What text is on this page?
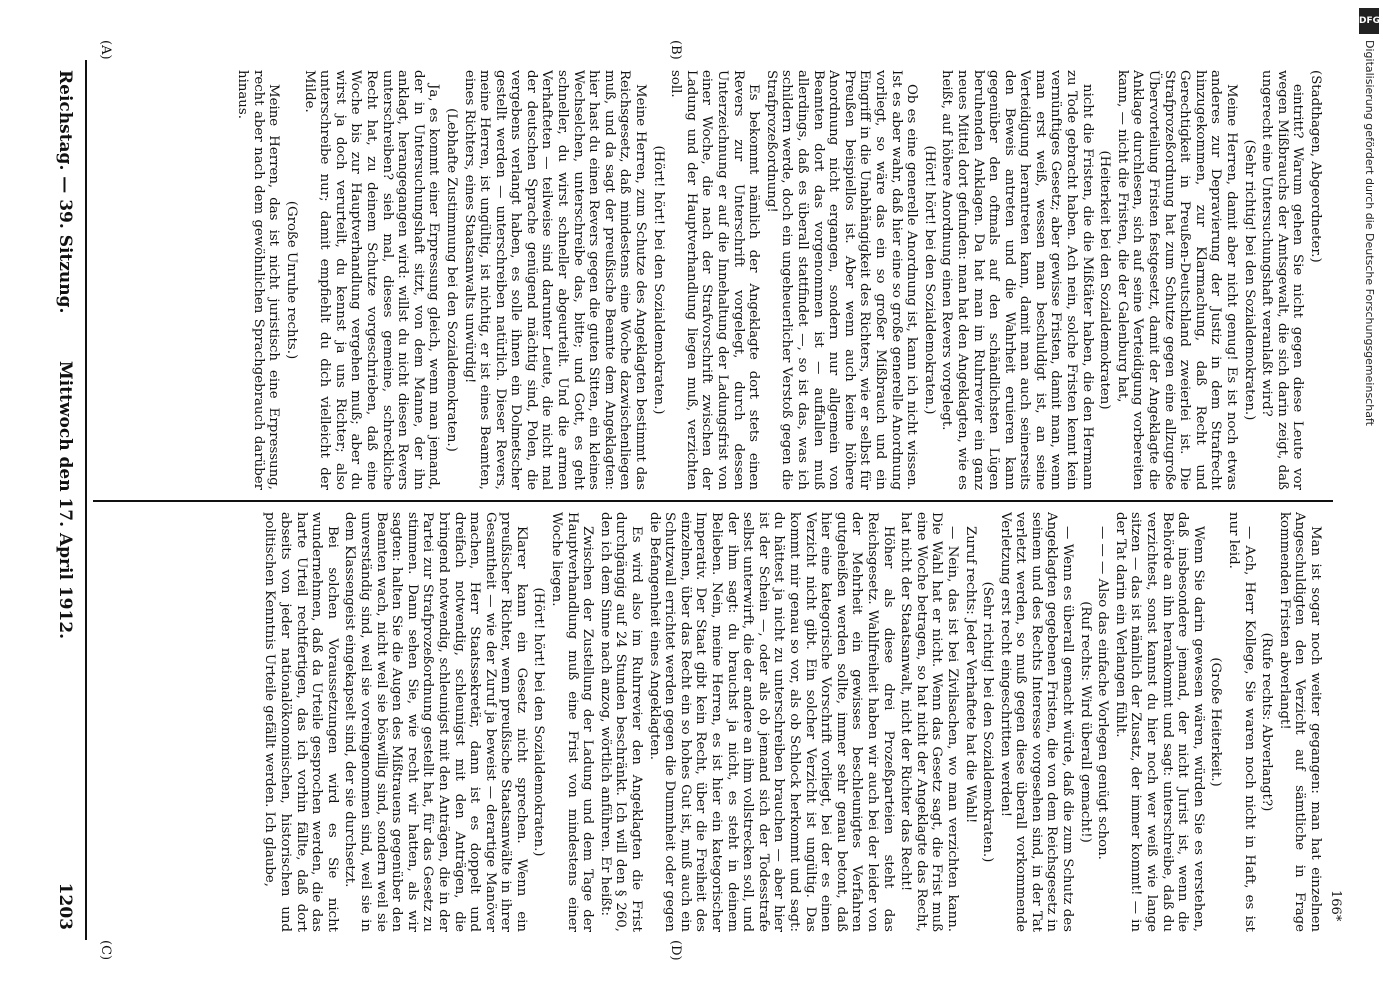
Reichstag. — 39. Sitzung.
Mittwoch den 17. April 1912.
1203

(Stadthagen, Abgeordneter.)

eintritt? Warum gehen Sie nicht gegen diese Leute vor wegen Mißbrauchs der Amtsgewalt, die sich darin zeigt, daß ungerecht eine Untersuchungshaft veranlaßt wird?

(Sehr richtig! bei den Sozialdemokraten.)

Meine Herren, damit aber nicht genug! Es ist noch etwas anderes zur Depravierung der Justiz in dem Strafrecht hinzugekommen, zur Klarmachung, daß Recht und Gerechtigkeit in Preußen-Deutschland zweierlei ist. Die Strafprozeßordnung hat zum Schutze gegen eine allzugroße Übervorteilung Fristen festgesetzt, damit der Angeklagte die Anklage durchlesen, sich auf seine Verteidigung vorbereiten kann, — nicht die Fristen, die der Galenburg hat,

(Heiterkeit bei den Sozialdemokraten)

nicht die Fristen, die die Mißtäter haben, die den Hermann zu Tode gebracht haben. Ach nein, solche Fristen kennt kein vernünftiges Gesetz; aber gewisse Fristen, damit man, wenn man erst weiß, wessen man beschuldigt ist, an seine Verteidigung herantreten kann, damit man auch seinerseits den Beweis antreten und die Wahrheit eruieren kann gegenüber den oftmals auf den schändlichsten Lügen beruhenden Anklagen. Da hat man im Ruhrrevier ein ganz neues Mittel dort gefunden: man hat den Angeklagten, wie es heißt, auf höhere Anordnung einen Revers vorgelegt.

(Hört! hört! bei den Sozialdemokraten.)

Ob es eine generelle Anordnung ist, kann ich nicht wissen. Ist es aber wahr, daß hier eine so große generelle Anordnung vorliegt, so wäre das ein so großer Mißbrauch und ein Eingriff in die Unabhängigkeit des Richters, wie er selbst für Preußen beispiellos ist. Aber wenn auch keine höhere Anordnung nicht ergangen, sondern nur allgemein von Beamten dort das vorgenommen ist — auffallen muß allerdings, daß es überall stattfindet —, so ist das, was ich schildern werde, doch ein ungeheuerlicher Verstoß gegen die Strafprozeßordnung!

Es bekommt nämlich der Angeklagte dort stets einen Revers zur Unterschrift vorgelegt, durch dessen Unterzeichnung er auf die Innehaltung der Ladungsfrist von einer Woche, die nach der Strafvorschrift zwischen der Ladung und der Hauptverhandlung liegen muß, verzichten soll.

(Hört! hört! bei den Sozialdemokraten.)

Meine Herren, zum Schutze des Angeklagten bestimmt das Reichsgesetz, daß mindestens eine Woche dazwischenliegen muß, und da sagt der preußische Beamte dem Angeklagten: hier hast du einen Revers gegen die guten Sitten, ein kleines Wechselchen, unterschreibe das, bitte; und Gott, es geht schneller, du wirst schneller abgeurteilt. Und die armen Verhafteten — teilweise sind darunter Leute, die nicht mal der deutschen Sprache genügend mächtig sind, Polen, die vergebens verlangt haben, es solle ihnen ein Dolmetscher gestellt werden — unterschreiben natürlich. Dieser Revers, meine Herren, ist ungültig, ist nichtig, er ist eines Beamten, eines Richters, eines Staatsanwalts unwürdig!

(Lebhafte Zustimmung bei den Sozialdemokraten.)

Ja, es kommt einer Erpressung gleich, wenn man jemand, der in Untersuchungshaft sitzt, von dem Manne, der ihn anklagt, herangegangen wird: willst du nicht diesen Revers unterschreiben? sieh mal, dieses gemeine, schreckliche Recht hat, zu deinem Schutze vorgeschrieben, daß eine Woche bis zur Hauptverhandlung vergehen muß; aber du wirst ja doch verurteilt, du kennst ja uns Richter; also unterschreibe nur; damit empfiehlt du dich vielleicht der Milde.

(Große Unruhe rechts.)

Meine Herren, das ist nicht juristisch eine Erpressung, recht aber nach dem gewöhnlichen Sprachgebrauch darüber hinaus.

Man ist sogar noch weiter gegangen: man hat einzelnen Angeschuldigten den Verzicht auf sämtliche in Frage kommenden Fristen abverlangt!

(Rufe rechts: Abverlangt?)

— Ach, Herr Kollege, Sie waren noch nicht in Haft, es ist nur leid.

(Große Heiterkeit.)

Wenn Sie darin gewesen wären, würden Sie es verstehen, daß insbesondere jemand, der nicht Jurist ist, wenn die Behörde an ihn herankommt und sagt: unterschreibe, daß du verzichtest, sonst kannst du hier noch wer weiß wie lange sitzen — das ist nämlich der Zusatz, der immer kommt! — in der Tat darin ein Verlangen fühlt.

— — — Also das einfache Vorlegen genügt schon.

(Ruf rechts: Wird überall gemacht!)

— Wenn es überall gemacht würde, daß die zum Schutz des Angeklagten gegebenen Fristen, die von dem Reichsgesetz in seinem und des Rechts Interesse vorgesehen sind, in der Tat verletzt werden, so muß gegen diese überall vorkommende Verletzung erst recht eingeschritten werden!

(Sehr richtig! bei den Sozialdemokraten.)

Zuruf rechts: Jeder Verhaftete hat die Wahl!

— Nein, das ist bei Zivilsachen, wo man verzichten kann. Die Wahl hat er nicht. Wenn das Gesetz sagt, die Frist muß eine Woche betragen, so hat nicht der Angeklagte das Recht, hat nicht der Staatsanwalt, nicht der Richter das Recht!

Höher als diese drei Prozeßparteien steht das Reichsgesetz. Wahlfreiheit haben wir auch bei der leider von der Mehrheit ein gewisses beschleunigtes Verfahren gutgeheißen werden sollte, immer sehr genau betont, daß hier eine kategorische Vorschrift vorliegt, bei der es einen Verzicht nicht gibt. Ein solcher Verzicht ist ungültig. Das kommt mir genau so vor, als ob Schlock herkommt und sagt: du hättest ja nicht zu unterschreiben brauchen — aber hier ist der Schein —, oder als ob jemand sich der Todesstrafe selbst unterwirft, die der andere an ihm vollstrecken soll, und der ihm sagt: du brauchst ja nicht, es steht in deinem Belieben. Nein, meine Herren, es ist hier ein kategorischer Imperativ. Der Staat gibt kein Recht, über die Freiheit des einzelnen, über das Recht ein so hohes Gut ist, muß auch ein Schutzwall errichtet werden gegen die Dummheit oder gegen die Befangenheit eines Angeklagten.

Es wird also im Ruhrrevier den Angeklagten die Frist durchgängig auf 24 Stunden beschränkt. Ich will den § 260, den ich dem Sinne nach anzog, wörtlich anführen. Er heißt:

Zwischen der Zustellung der Ladung und dem Tage der Hauptverhandlung muß eine Frist von mindestens einer Woche liegen.

(Hört! hört! bei den Sozialdemokraten.)

Klarer kann ein Gesetz nicht sprechen. Wenn ein preußischer Richter, wenn preußische Staatsanwälte in ihrer Gesamtheit — wie der Zuruf ja beweist — derartige Manöver machen, Herr Staatssekretär, dann ist es doppelt und dreifach notwendig, schleunigst mit den Anträgen, die bringend notwendig, schleunigst mit den Anträgen, die in der Partei zur Strafprozeßordnung gestellt hat, für das Gesetz zu stimmen. Dann sehen Sie, wie recht wir hatten, als wir sagten: halten Sie die Augen des Mißtrauens gegenüber den Beamten wach, nicht weil sie böswillig sind, sondern weil sie unverständig sind, weil sie voreingenommen sind, weil sie in dem Klassengeist eingekapselt sind, der sie durchsetzt.

Bei solchen Voraussetzungen wird es Sie nicht wundernehmen, daß da Urteile gesprochen werden, die das harte Urteil rechtfertigen, das ich vorhin fällte, daß dort abseits von jeder nationalökonomischen, historischen und politischen Kenntnis Urteile gefällt werden. Ich glaube,

(A)	(B)
(C)	(D)
166*
DFG
Digitalisierung gefördert durch die Deutsche Forschungsgemeinschaft
